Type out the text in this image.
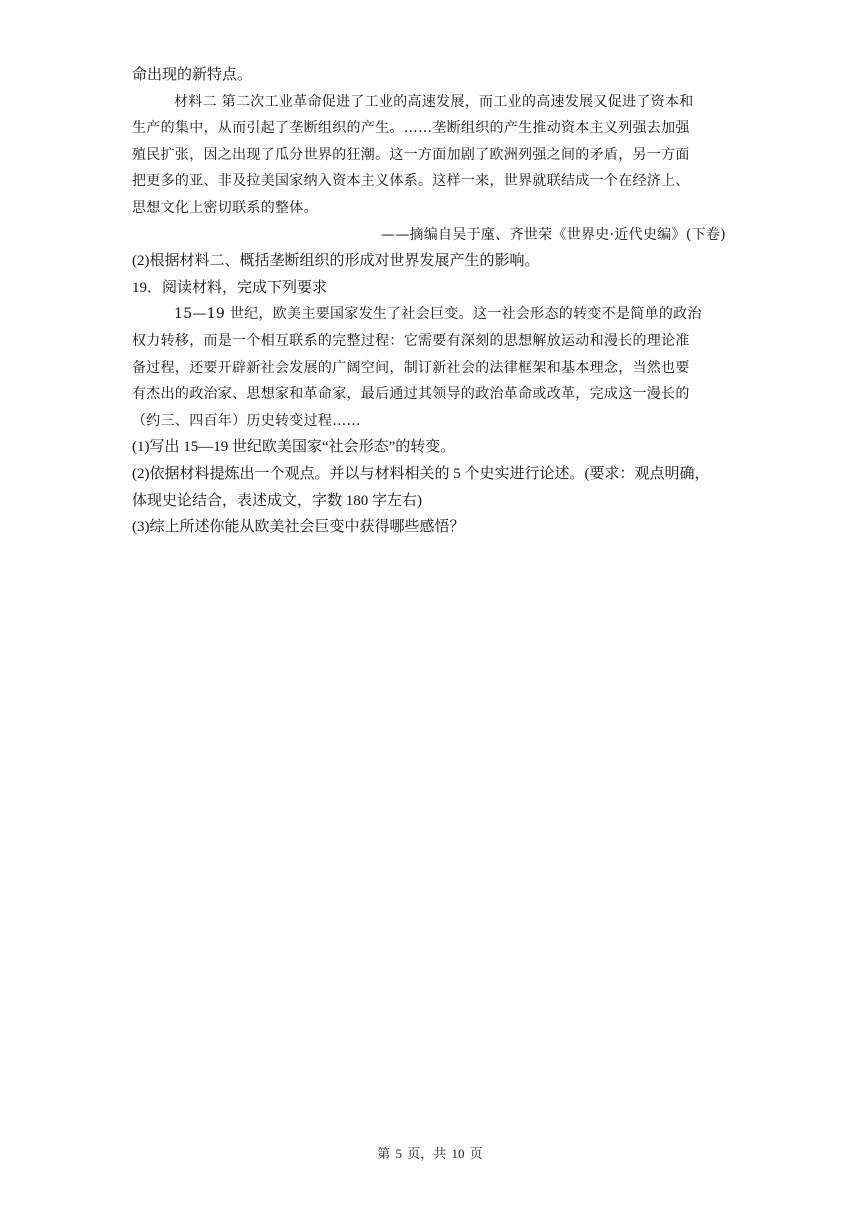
命出现的新特点。
材料二 第二次工业革命促进了工业的高速发展，而工业的高速发展又促进了资本和
生产的集中，从而引起了垄断组织的产生。……垄断组织的产生推动资本主义列强去加强
殖民扩张，因之出现了瓜分世界的狂潮。这一方面加剧了欧洲列强之间的矛盾，另一方面
把更多的亚、非及拉美国家纳入资本主义体系。这样一来，世界就联结成一个在经济上、
思想文化上密切联系的整体。
——摘编自吴于廑、齐世荣《世界史·近代史编》(下卷)
(2)根据材料二、概括垄断组织的形成对世界发展产生的影响。
19．阅读材料，完成下列要求
15—19 世纪，欧美主要国家发生了社会巨变。这一社会形态的转变不是简单的政治
权力转移，而是一个相互联系的完整过程：它需要有深刻的思想解放运动和漫长的理论准
备过程，还要开辟新社会发展的广阔空间，制订新社会的法律框架和基本理念，当然也要
有杰出的政治家、思想家和革命家，最后通过其领导的政治革命或改革，完成这一漫长的
（约三、四百年）历史转变过程……
(1)写出 15—19 世纪欧美国家“社会形态”的转变。
(2)依据材料提炼出一个观点。并以与材料相关的 5 个史实进行论述。(要求：观点明确，
体现史论结合，表述成文，字数 180 字左右)
(3)综上所述你能从欧美社会巨变中获得哪些感悟？
第 5 页，共 10 页
